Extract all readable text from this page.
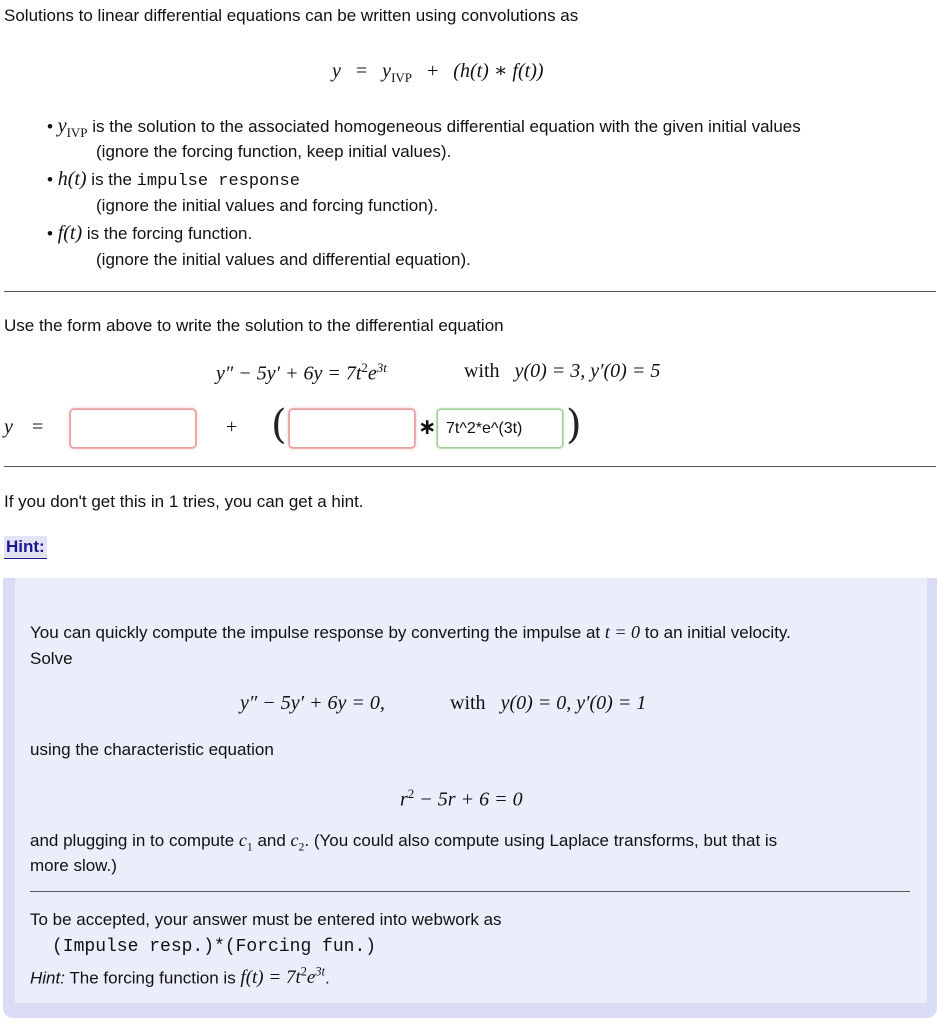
Solutions to linear differential equations can be written using convolutions as
$y = y_{IVP} + (h(t)$ ∗ f(t))
• $y_{IVP}$ is the solution to the associated homogeneous differential equation with the given initial values
(ignore the forcing function, keep initial values).
• h(t) is the impulse response
(ignore the initial values and forcing function).
• f(t) is the forcing function.
(ignore the initial values and differential equation).
Use the form above to write the solution to the differential equation
$y'' - 5y' + 6y = 7t^2e^{3t}$	with y(0) = 3, y′(0) = 5
y =	+ (	∗
7t^2*e^(3t)	)
If you don't get this in 1 tries, you can get a hint.
Hint:
You can quickly compute the impulse response by converting the impulse at t = 0 to an initial velocity.
Solve
y″ − 5y′ + 6y = 0,	with y(0) = 0, y′(0) = 1
using the characteristic equation
$r^2 - 5r + 6 = 0$
and plugging in to compute $c_1$ and $c_2$. (You could also compute using Laplace transforms, but that is
more slow.)
To be accepted, your answer must be entered into webwork as
(Impulse resp.)*(Forcing fun.)
Hint: The forcing function is $f(t) = 7t^2e^{3t}$.
